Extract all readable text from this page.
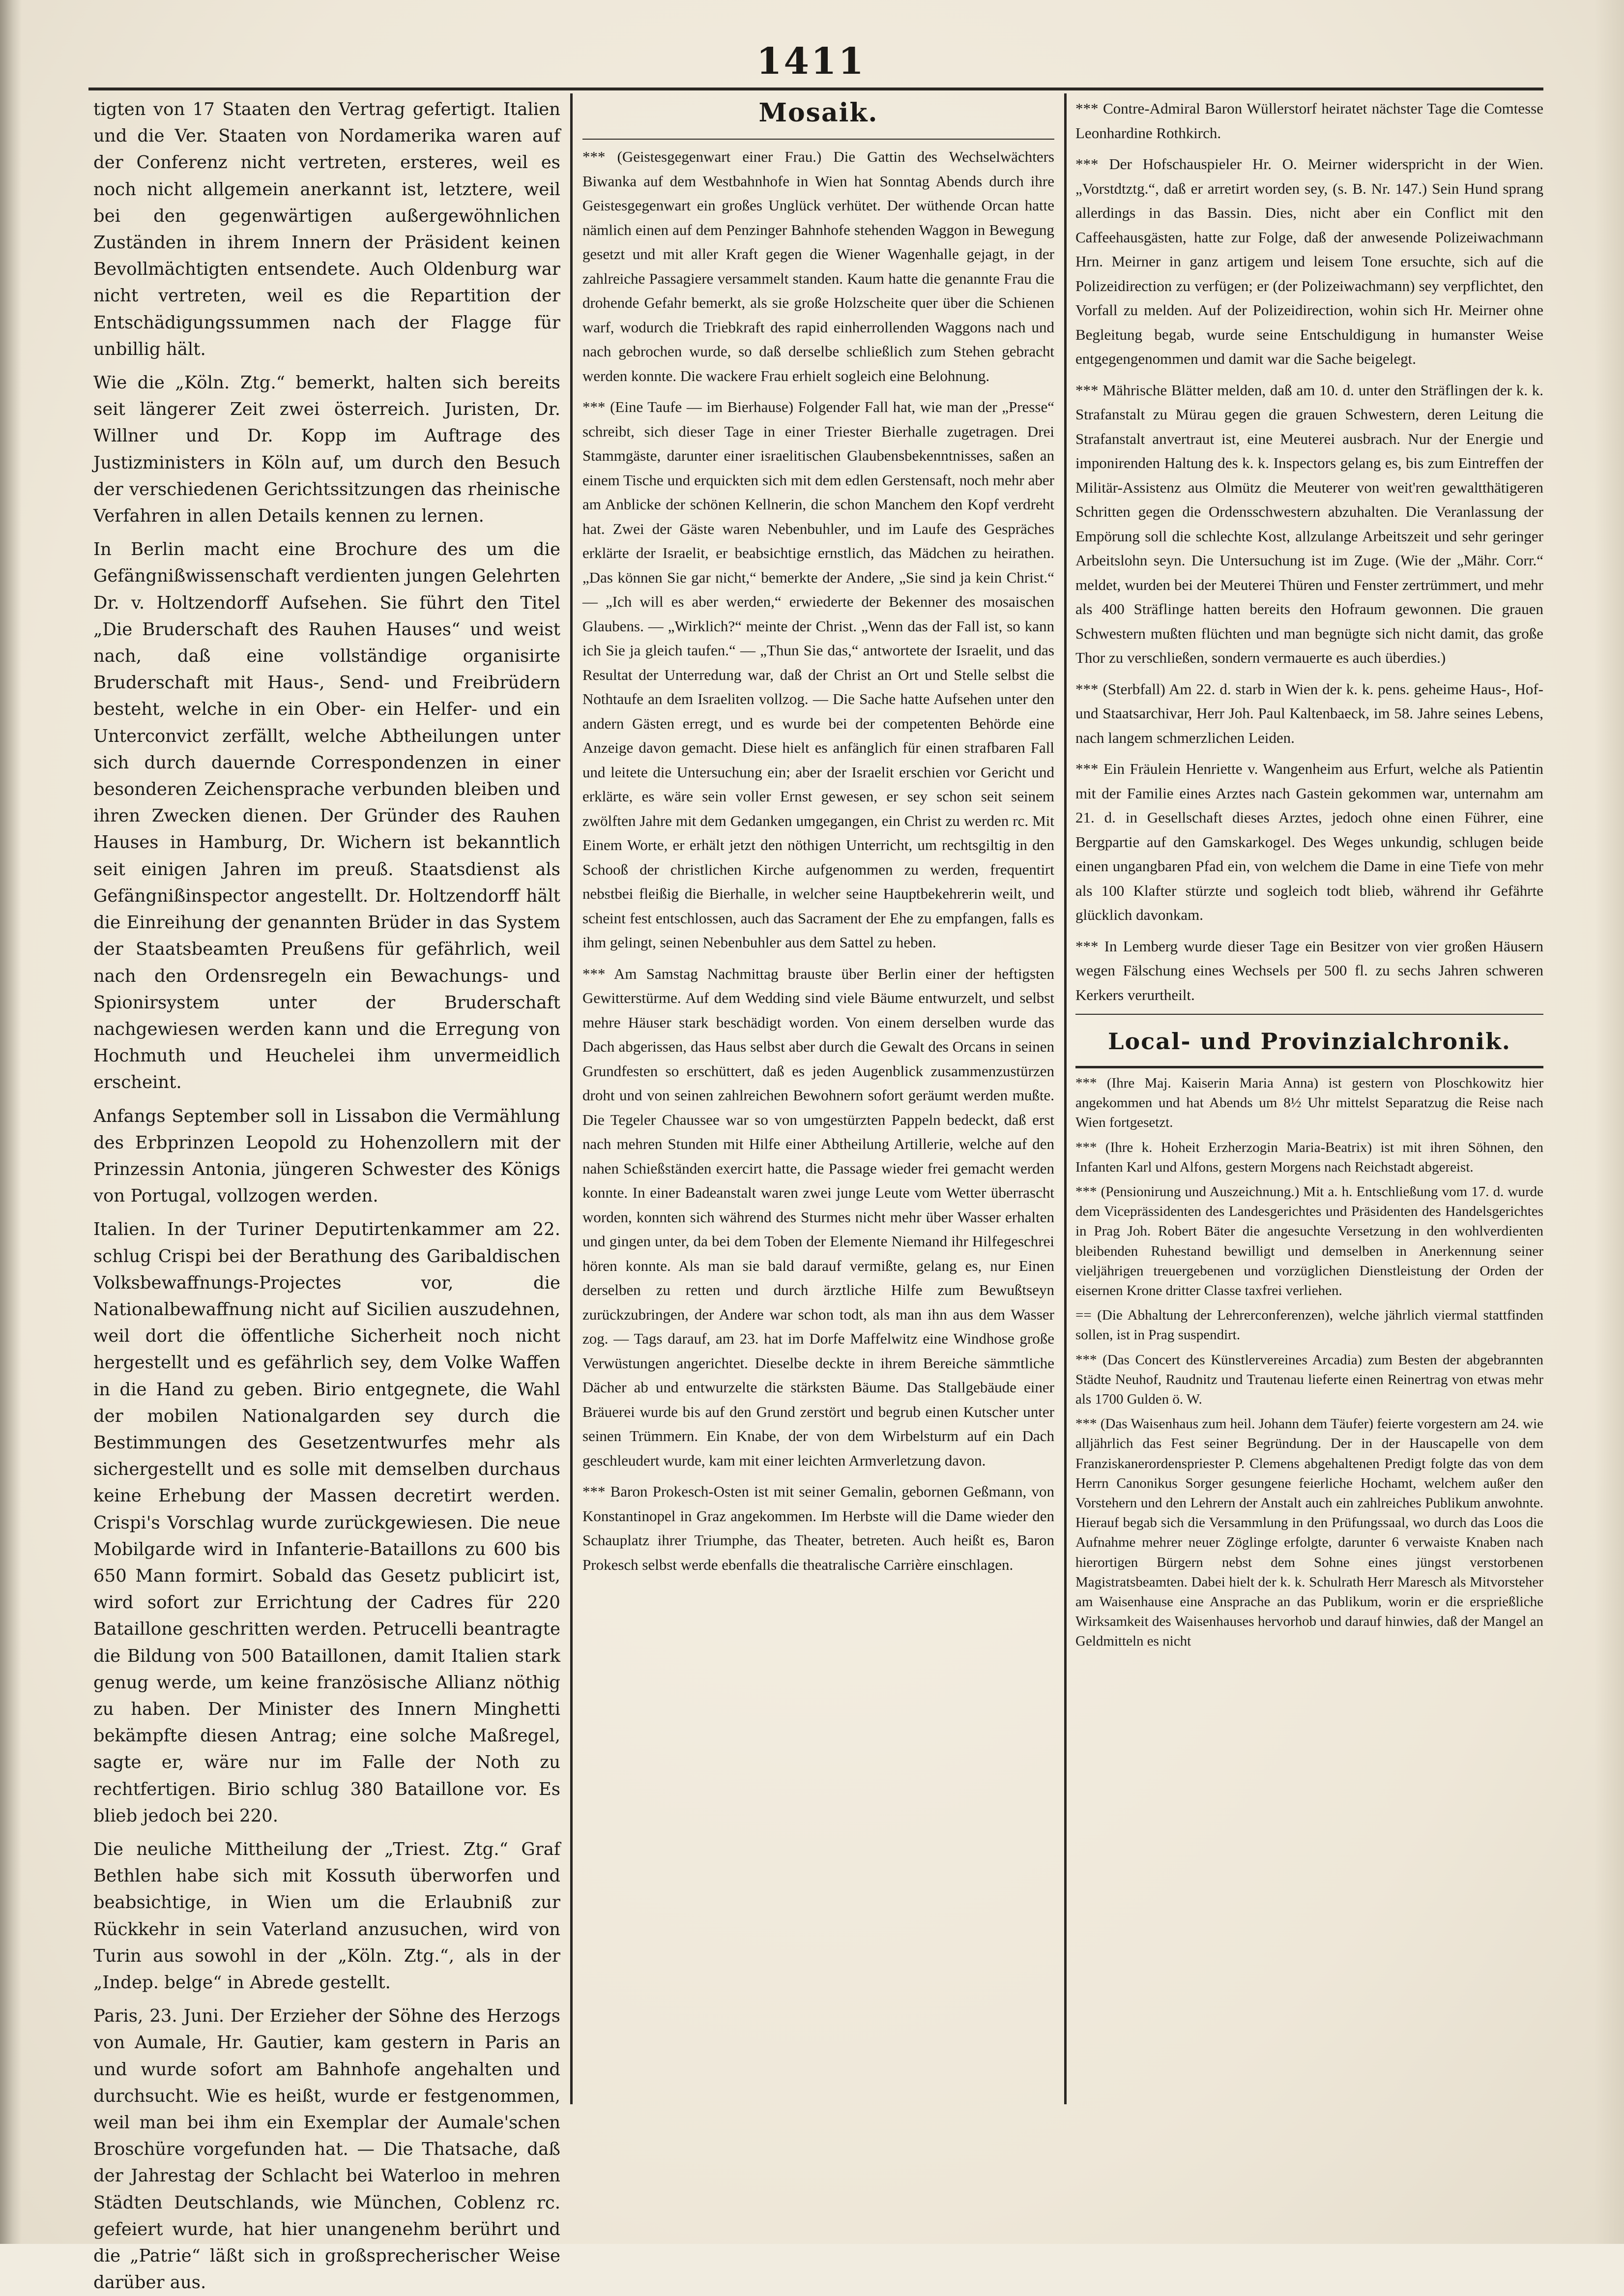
1411

tigten von 17 Staaten den Vertrag gefertigt. Italien und die Ver. Staaten von Nordamerika waren auf der Conferenz nicht vertreten, ersteres, weil es noch nicht allgemein anerkannt ist, letztere, weil bei den gegenwärtigen außergewöhnlichen Zuständen in ihrem Innern der Präsident keinen Bevollmächtigten entsendete. Auch Oldenburg war nicht vertreten, weil es die Repartition der Entschädigungssummen nach der Flagge für unbillig hält.

Wie die „Köln. Ztg.“ bemerkt, halten sich bereits seit längerer Zeit zwei österreich. Juristen, Dr. Willner und Dr. Kopp im Auftrage des Justizministers in Köln auf, um durch den Besuch der verschiedenen Gerichtssitzungen das rheinische Verfahren in allen Details kennen zu lernen.

In Berlin macht eine Brochure des um die Gefängnißwissenschaft verdienten jungen Gelehrten Dr. v. Holtzendorff Aufsehen. Sie führt den Titel „Die Bruderschaft des Rauhen Hauses“ und weist nach, daß eine vollständige organisirte Bruderschaft mit Haus-, Send- und Freibrüdern besteht, welche in ein Ober- ein Helfer- und ein Unterconvict zerfällt, welche Abtheilungen unter sich durch dauernde Correspondenzen in einer besonderen Zeichensprache verbunden bleiben und ihren Zwecken dienen. Der Gründer des Rauhen Hauses in Hamburg, Dr. Wichern ist bekanntlich seit einigen Jahren im preuß. Staatsdienst als Gefängnißinspector angestellt. Dr. Holtzendorff hält die Einreihung der genannten Brüder in das System der Staatsbeamten Preußens für gefährlich, weil nach den Ordensregeln ein Bewachungs- und Spionirsystem unter der Bruderschaft nachgewiesen werden kann und die Erregung von Hochmuth und Heuchelei ihm unvermeidlich erscheint.

Anfangs September soll in Lissabon die Vermählung des Erbprinzen Leopold zu Hohenzollern mit der Prinzessin Antonia, jüngeren Schwester des Königs von Portugal, vollzogen werden.

Italien. In der Turiner Deputirtenkammer am 22. schlug Crispi bei der Berathung des Garibaldischen Volksbewaffnungs-Projectes vor, die Nationalbewaffnung nicht auf Sicilien auszudehnen, weil dort die öffentliche Sicherheit noch nicht hergestellt und es gefährlich sey, dem Volke Waffen in die Hand zu geben. Birio entgegnete, die Wahl der mobilen Nationalgarden sey durch die Bestimmungen des Gesetzentwurfes mehr als sichergestellt und es solle mit demselben durchaus keine Erhebung der Massen decretirt werden. Crispi's Vorschlag wurde zurückgewiesen. Die neue Mobilgarde wird in Infanterie-Bataillons zu 600 bis 650 Mann formirt. Sobald das Gesetz publicirt ist, wird sofort zur Errichtung der Cadres für 220 Bataillone geschritten werden. Petrucelli beantragte die Bildung von 500 Bataillonen, damit Italien stark genug werde, um keine französische Allianz nöthig zu haben. Der Minister des Innern Minghetti bekämpfte diesen Antrag; eine solche Maßregel, sagte er, wäre nur im Falle der Noth zu rechtfertigen. Birio schlug 380 Bataillone vor. Es blieb jedoch bei 220.

Die neuliche Mittheilung der „Triest. Ztg.“ Graf Bethlen habe sich mit Kossuth überworfen und beabsichtige, in Wien um die Erlaubniß zur Rückkehr in sein Vaterland anzusuchen, wird von Turin aus sowohl in der „Köln. Ztg.“, als in der „Indep. belge“ in Abrede gestellt.

Paris, 23. Juni. Der Erzieher der Söhne des Herzogs von Aumale, Hr. Gautier, kam gestern in Paris an und wurde sofort am Bahnhofe angehalten und durchsucht. Wie es heißt, wurde er festgenommen, weil man bei ihm ein Exemplar der Aumale'schen Broschüre vorgefunden hat. — Die Thatsache, daß der Jahrestag der Schlacht bei Waterloo in mehren Städten Deutschlands, wie München, Coblenz rc. gefeiert wurde, hat hier unangenehm berührt und die „Patrie“ läßt sich in großsprecherischer Weise darüber aus.

Mosaik.

*** (Geistesgegenwart einer Frau.) Die Gattin des Wechselwächters Biwanka auf dem Westbahnhofe in Wien hat Sonntag Abends durch ihre Geistesgegenwart ein großes Unglück verhütet. Der wüthende Orcan hatte nämlich einen auf dem Penzinger Bahnhofe stehenden Waggon in Bewegung gesetzt und mit aller Kraft gegen die Wiener Wagenhalle gejagt, in der zahlreiche Passagiere versammelt standen. Kaum hatte die genannte Frau die drohende Gefahr bemerkt, als sie große Holzscheite quer über die Schienen warf, wodurch die Triebkraft des rapid einherrollenden Waggons nach und nach gebrochen wurde, so daß derselbe schließlich zum Stehen gebracht werden konnte. Die wackere Frau erhielt sogleich eine Belohnung.

*** (Eine Taufe — im Bierhause) Folgender Fall hat, wie man der „Presse“ schreibt, sich dieser Tage in einer Triester Bierhalle zugetragen. Drei Stammgäste, darunter einer israelitischen Glaubensbekenntnisses, saßen an einem Tische und erquickten sich mit dem edlen Gerstensaft, noch mehr aber am Anblicke der schönen Kellnerin, die schon Manchem den Kopf verdreht hat. Zwei der Gäste waren Nebenbuhler, und im Laufe des Gespräches erklärte der Israelit, er beabsichtige ernstlich, das Mädchen zu heirathen. „Das können Sie gar nicht,“ bemerkte der Andere, „Sie sind ja kein Christ.“ — „Ich will es aber werden,“ erwiederte der Bekenner des mosaischen Glaubens. — „Wirklich?“ meinte der Christ. „Wenn das der Fall ist, so kann ich Sie ja gleich taufen.“ — „Thun Sie das,“ antwortete der Israelit, und das Resultat der Unterredung war, daß der Christ an Ort und Stelle selbst die Nothtaufe an dem Israeliten vollzog. — Die Sache hatte Aufsehen unter den andern Gästen erregt, und es wurde bei der competenten Behörde eine Anzeige davon gemacht. Diese hielt es anfänglich für einen strafbaren Fall und leitete die Untersuchung ein; aber der Israelit erschien vor Gericht und erklärte, es wäre sein voller Ernst gewesen, er sey schon seit seinem zwölften Jahre mit dem Gedanken umgegangen, ein Christ zu werden rc. Mit Einem Worte, er erhält jetzt den nöthigen Unterricht, um rechtsgiltig in den Schooß der christlichen Kirche aufgenommen zu werden, frequentirt nebstbei fleißig die Bierhalle, in welcher seine Hauptbekehrerin weilt, und scheint fest entschlossen, auch das Sacrament der Ehe zu empfangen, falls es ihm gelingt, seinen Nebenbuhler aus dem Sattel zu heben.

*** Am Samstag Nachmittag brauste über Berlin einer der heftigsten Gewitterstürme. Auf dem Wedding sind viele Bäume entwurzelt, und selbst mehre Häuser stark beschädigt worden. Von einem derselben wurde das Dach abgerissen, das Haus selbst aber durch die Gewalt des Orcans in seinen Grundfesten so erschüttert, daß es jeden Augenblick zusammenzustürzen droht und von seinen zahlreichen Bewohnern sofort geräumt werden mußte. Die Tegeler Chaussee war so von umgestürzten Pappeln bedeckt, daß erst nach mehren Stunden mit Hilfe einer Abtheilung Artillerie, welche auf den nahen Schießständen exercirt hatte, die Passage wieder frei gemacht werden konnte. In einer Badeanstalt waren zwei junge Leute vom Wetter überrascht worden, konnten sich während des Sturmes nicht mehr über Wasser erhalten und gingen unter, da bei dem Toben der Elemente Niemand ihr Hilfegeschrei hören konnte. Als man sie bald darauf vermißte, gelang es, nur Einen derselben zu retten und durch ärztliche Hilfe zum Bewußtseyn zurückzubringen, der Andere war schon todt, als man ihn aus dem Wasser zog. — Tags darauf, am 23. hat im Dorfe Maffelwitz eine Windhose große Verwüstungen angerichtet. Dieselbe deckte in ihrem Bereiche sämmtliche Dächer ab und entwurzelte die stärksten Bäume. Das Stallgebäude einer Bräuerei wurde bis auf den Grund zerstört und begrub einen Kutscher unter seinen Trümmern. Ein Knabe, der von dem Wirbelsturm auf ein Dach geschleudert wurde, kam mit einer leichten Armverletzung davon.

*** Baron Prokesch-Osten ist mit seiner Gemalin, gebornen Geßmann, von Konstantinopel in Graz angekommen. Im Herbste will die Dame wieder den Schauplatz ihrer Triumphe, das Theater, betreten. Auch heißt es, Baron Prokesch selbst werde ebenfalls die theatralische Carrière einschlagen.

*** Contre-Admiral Baron Wüllerstorf heiratet nächster Tage die Comtesse Leonhardine Rothkirch.

*** Der Hofschauspieler Hr. O. Meirner widerspricht in der Wien. „Vorstdtztg.“, daß er arretirt worden sey, (s. B. Nr. 147.) Sein Hund sprang allerdings in das Bassin. Dies, nicht aber ein Conflict mit den Caffeehausgästen, hatte zur Folge, daß der anwesende Polizeiwachmann Hrn. Meirner in ganz artigem und leisem Tone ersuchte, sich auf die Polizeidirection zu verfügen; er (der Polizeiwachmann) sey verpflichtet, den Vorfall zu melden. Auf der Polizeidirection, wohin sich Hr. Meirner ohne Begleitung begab, wurde seine Entschuldigung in humanster Weise entgegengenommen und damit war die Sache beigelegt.

*** Mährische Blätter melden, daß am 10. d. unter den Sträflingen der k. k. Strafanstalt zu Mürau gegen die grauen Schwestern, deren Leitung die Strafanstalt anvertraut ist, eine Meuterei ausbrach. Nur der Energie und imponirenden Haltung des k. k. Inspectors gelang es, bis zum Eintreffen der Militär-Assistenz aus Olmütz die Meuterer von weit'ren gewaltthätigeren Schritten gegen die Ordensschwestern abzuhalten. Die Veranlassung der Empörung soll die schlechte Kost, allzulange Arbeitszeit und sehr geringer Arbeitslohn seyn. Die Untersuchung ist im Zuge. (Wie der „Mähr. Corr.“ meldet, wurden bei der Meuterei Thüren und Fenster zertrümmert, und mehr als 400 Sträflinge hatten bereits den Hofraum gewonnen. Die grauen Schwestern mußten flüchten und man begnügte sich nicht damit, das große Thor zu verschließen, sondern vermauerte es auch überdies.)

*** (Sterbfall) Am 22. d. starb in Wien der k. k. pens. geheime Haus-, Hof- und Staatsarchivar, Herr Joh. Paul Kaltenbaeck, im 58. Jahre seines Lebens, nach langem schmerzlichen Leiden.

*** Ein Fräulein Henriette v. Wangenheim aus Erfurt, welche als Patientin mit der Familie eines Arztes nach Gastein gekommen war, unternahm am 21. d. in Gesellschaft dieses Arztes, jedoch ohne einen Führer, eine Bergpartie auf den Gamskarkogel. Des Weges unkundig, schlugen beide einen ungangbaren Pfad ein, von welchem die Dame in eine Tiefe von mehr als 100 Klafter stürzte und sogleich todt blieb, während ihr Gefährte glücklich davonkam.

*** In Lemberg wurde dieser Tage ein Besitzer von vier großen Häusern wegen Fälschung eines Wechsels per 500 fl. zu sechs Jahren schweren Kerkers verurtheilt.

Local- und Provinzialchronik.

*** (Ihre Maj. Kaiserin Maria Anna) ist gestern von Ploschkowitz hier angekommen und hat Abends um 8½ Uhr mittelst Separatzug die Reise nach Wien fortgesetzt.

*** (Ihre k. Hoheit Erzherzogin Maria-Beatrix) ist mit ihren Söhnen, den Infanten Karl und Alfons, gestern Morgens nach Reichstadt abgereist.

*** (Pensionirung und Auszeichnung.) Mit a. h. Entschließung vom 17. d. wurde dem Viceprässidenten des Landesgerichtes und Präsidenten des Handelsgerichtes in Prag Joh. Robert Bäter die angesuchte Versetzung in den wohlverdienten bleibenden Ruhestand bewilligt und demselben in Anerkennung seiner vieljährigen treuergebenen und vorzüglichen Dienstleistung der Orden der eisernen Krone dritter Classe taxfrei verliehen.

== (Die Abhaltung der Lehrerconferenzen), welche jährlich viermal stattfinden sollen, ist in Prag suspendirt.

*** (Das Concert des Künstlervereines Arcadia) zum Besten der abgebrannten Städte Neuhof, Raudnitz und Trautenau lieferte einen Reinertrag von etwas mehr als 1700 Gulden ö. W.

*** (Das Waisenhaus zum heil. Johann dem Täufer) feierte vorgestern am 24. wie alljährlich das Fest seiner Begründung. Der in der Hauscapelle von dem Franziskanerordenspriester P. Clemens abgehaltenen Predigt folgte das von dem Herrn Canonikus Sorger gesungene feierliche Hochamt, welchem außer den Vorstehern und den Lehrern der Anstalt auch ein zahlreiches Publikum anwohnte. Hierauf begab sich die Versammlung in den Prüfungssaal, wo durch das Loos die Aufnahme mehrer neuer Zöglinge erfolgte, darunter 6 verwaiste Knaben nach hierortigen Bürgern nebst dem Sohne eines jüngst verstorbenen Magistratsbeamten. Dabei hielt der k. k. Schulrath Herr Maresch als Mitvorsteher am Waisenhause eine Ansprache an das Publikum, worin er die ersprießliche Wirksamkeit des Waisenhauses hervorhob und darauf hinwies, daß der Mangel an Geldmitteln es nicht
